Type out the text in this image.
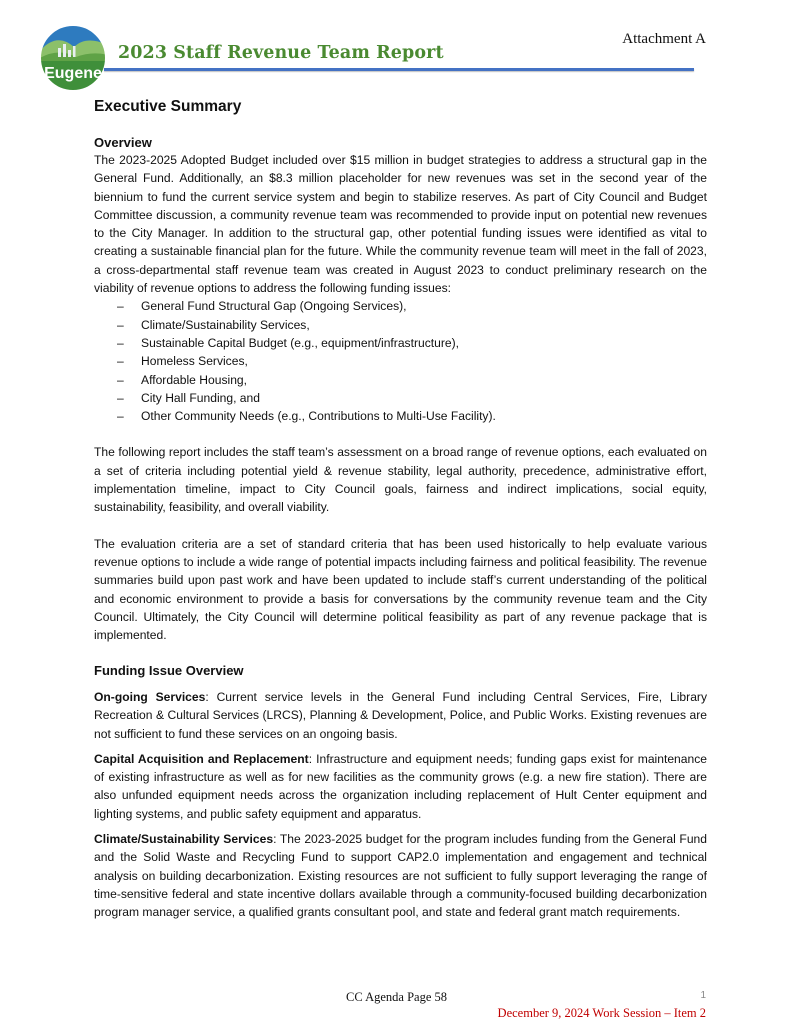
Eugene
2023 Staff Revenue Team Report
Attachment A
Executive Summary
Overview

The 2023-2025 Adopted Budget included over $15 million in budget strategies to address a structural gap in the General Fund. Additionally, an $8.3 million placeholder for new revenues was set in the second year of the biennium to fund the current service system and begin to stabilize reserves. As part of City Council and Budget Committee discussion, a community revenue team was recommended to provide input on potential new revenues to the City Manager. In addition to the structural gap, other potential funding issues were identified as vital to creating a sustainable financial plan for the future. While the community revenue team will meet in the fall of 2023, a cross-departmental staff revenue team was created in August 2023 to conduct preliminary research on the viability of revenue options to address the following funding issues:

–	General Fund Structural Gap (Ongoing Services),
–	Climate/Sustainability Services,
–	Sustainable Capital Budget (e.g., equipment/infrastructure),
–	Homeless Services,
–	Affordable Housing,
–	City Hall Funding, and
–	Other Community Needs (e.g., Contributions to Multi-Use Facility).

The following report includes the staff team’s assessment on a broad range of revenue options, each evaluated on a set of criteria including potential yield & revenue stability, legal authority, precedence, administrative effort, implementation timeline, impact to City Council goals, fairness and indirect implications, social equity, sustainability, feasibility, and overall viability.

The evaluation criteria are a set of standard criteria that has been used historically to help evaluate various revenue options to include a wide range of potential impacts including fairness and political feasibility. The revenue summaries build upon past work and have been updated to include staff’s current understanding of the political and economic environment to provide a basis for conversations by the community revenue team and the City Council. Ultimately, the City Council will determine political feasibility as part of any revenue package that is implemented.

Funding Issue Overview

On-going Services: Current service levels in the General Fund including Central Services, Fire, Library Recreation & Cultural Services (LRCS), Planning & Development, Police, and Public Works. Existing revenues are not sufficient to fund these services on an ongoing basis.

Capital Acquisition and Replacement: Infrastructure and equipment needs; funding gaps exist for maintenance of existing infrastructure as well as for new facilities as the community grows (e.g. a new fire station). There are also unfunded equipment needs across the organization including replacement of Hult Center equipment and lighting systems, and public safety equipment and apparatus.

Climate/Sustainability Services: The 2023-2025 budget for the program includes funding from the General Fund and the Solid Waste and Recycling Fund to support CAP2.0 implementation and engagement and technical analysis on building decarbonization. Existing resources are not sufficient to fully support leveraging the range of time-sensitive federal and state incentive dollars available through a community-focused building decarbonization program manager service, a qualified grants consultant pool, and state and federal grant match requirements.

CC Agenda Page 58	1
December 9, 2024 Work Session – Item 2
